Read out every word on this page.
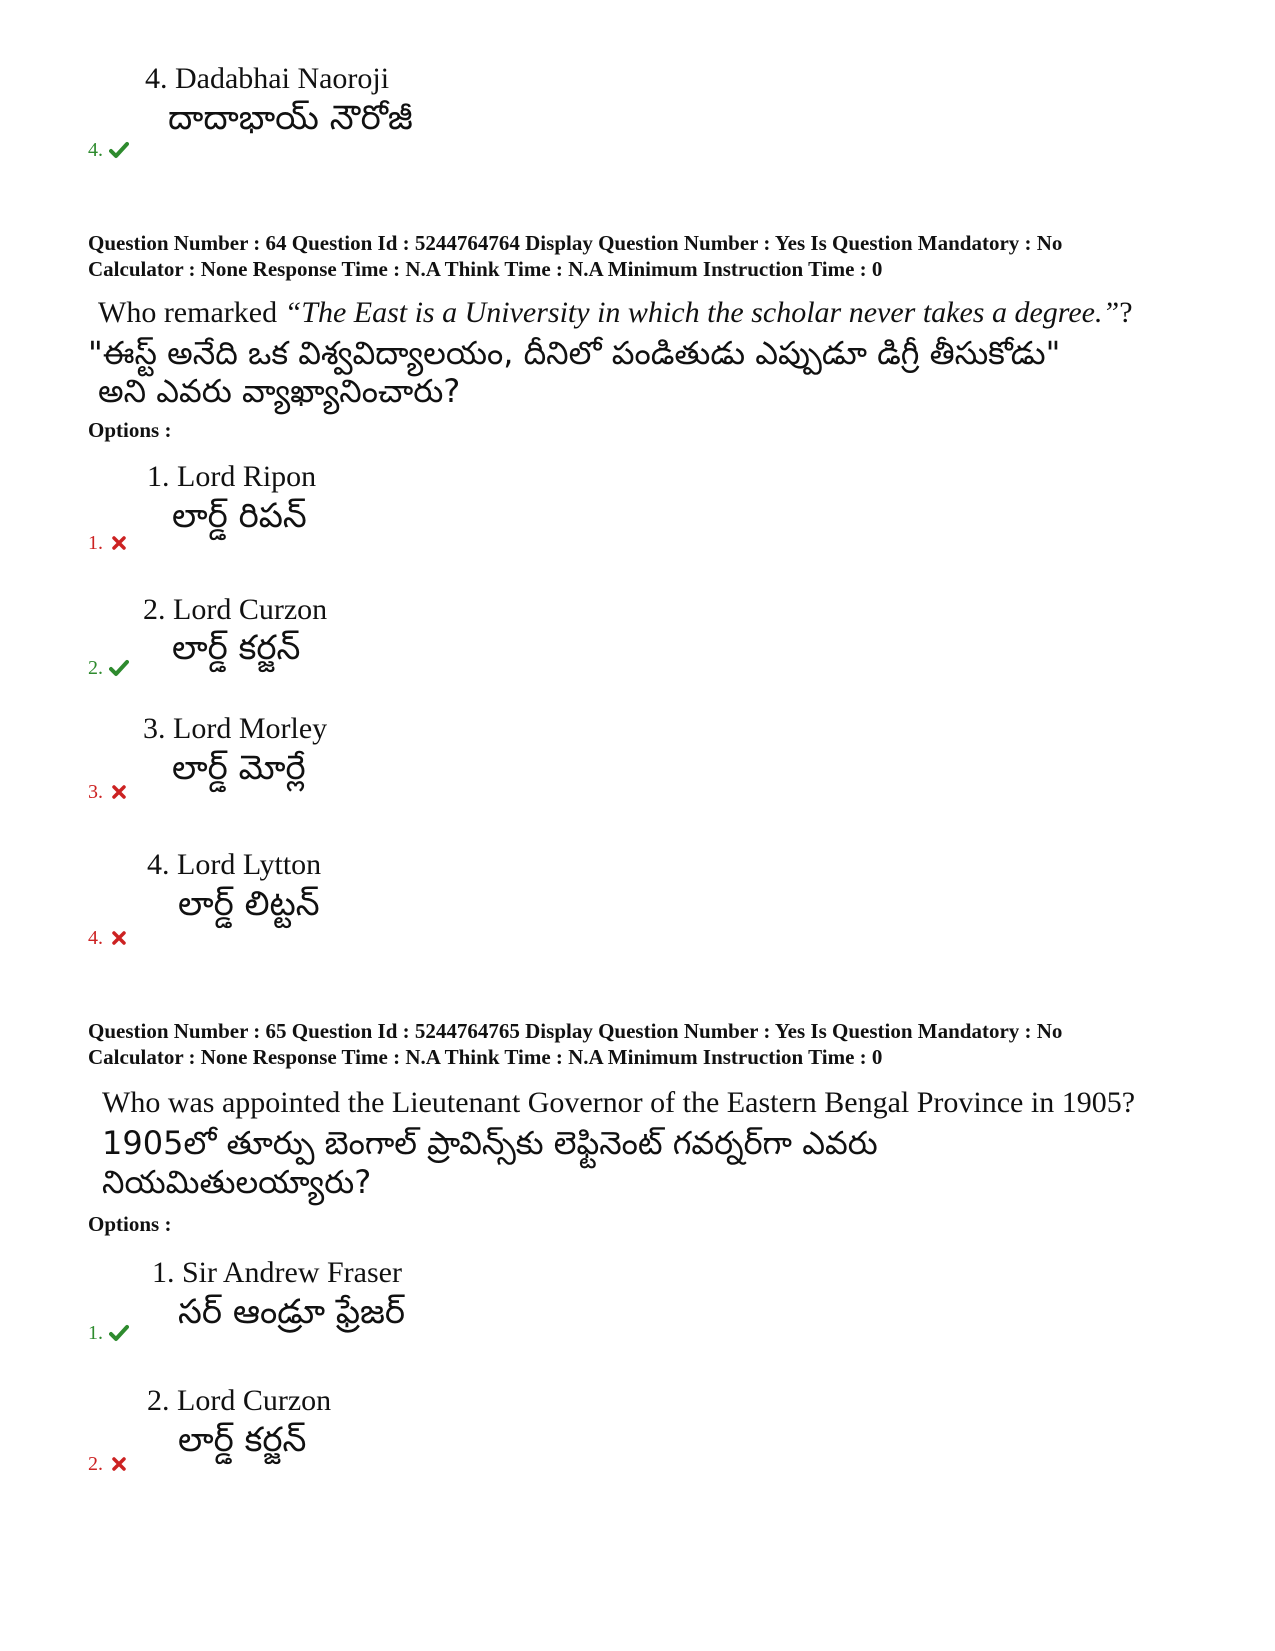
4. Dadabhai Naoroji
దాదాభాయ్ నౌరోజీ
4.
Question Number : 64 Question Id : 5244764764 Display Question Number : Yes Is Question Mandatory : No
Calculator : None Response Time : N.A Think Time : N.A Minimum Instruction Time : 0
Who remarked “The East is a University in which the scholar never takes a degree.”?
"ఈస్ట్ అనేది ఒక విశ్వవిద్యాలయం, దీనిలో పండితుడు ఎప్పుడూ డిగ్రీ తీసుకోడు"
అని ఎవరు వ్యాఖ్యానించారు?
Options :
1. Lord Ripon
లార్డ్ రిపన్
1.
2. Lord Curzon
లార్డ్ కర్జన్
2.
3. Lord Morley
లార్డ్ మోర్లే
3.
4. Lord Lytton
లార్డ్ లిట్టన్
4.
Question Number : 65 Question Id : 5244764765 Display Question Number : Yes Is Question Mandatory : No
Calculator : None Response Time : N.A Think Time : N.A Minimum Instruction Time : 0
Who was appointed the Lieutenant Governor of the Eastern Bengal Province in 1905?
1905లో తూర్పు బెంగాల్ ప్రావిన్స్‌కు లెఫ్టినెంట్ గవర్నర్‌గా ఎవరు
నియమితులయ్యారు?
Options :
1. Sir Andrew Fraser
సర్ ఆండ్రూ ఫ్రేజర్
1.
2. Lord Curzon
లార్డ్ కర్జన్
2.
